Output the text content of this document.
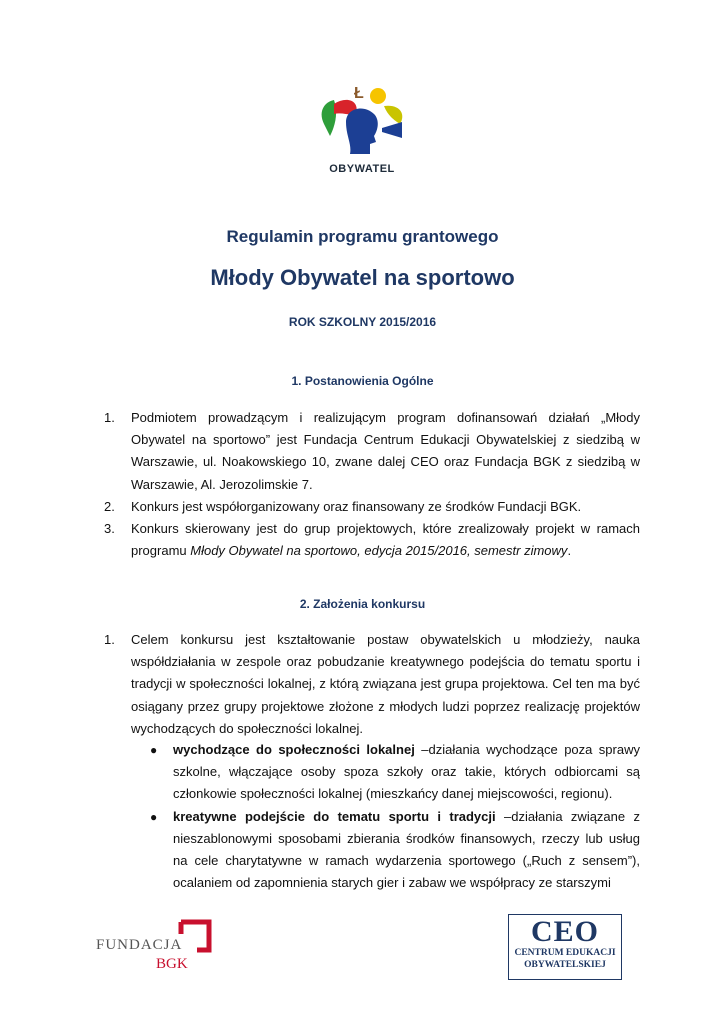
Ł
OBYWATEL
Regulamin programu grantowego
Młody Obywatel na sportowo
ROK SZKOLNY 2015/2016
1. Postanowienia Ogólne
1. Podmiotem prowadzącym i realizującym program dofinansowań działań „Młody Obywatel na sportowo” jest Fundacja Centrum Edukacji Obywatelskiej z siedzibą w Warszawie, ul. Noakowskiego 10, zwane dalej CEO oraz Fundacja BGK z siedzibą w Warszawie, Al. Jerozolimskie 7.
2. Konkurs jest współorganizowany oraz finansowany ze środków Fundacji BGK.
3. Konkurs skierowany jest do grup projektowych, które zrealizowały projekt w ramach programu Młody Obywatel na sportowo, edycja 2015/2016, semestr zimowy.
2. Założenia konkursu
1. Celem konkursu jest kształtowanie postaw obywatelskich u młodzieży, nauka współdziałania w zespole oraz pobudzanie kreatywnego podejścia do tematu sportu i tradycji w społeczności lokalnej, z którą związana jest grupa projektowa. Cel ten ma być osiągany przez grupy projektowe złożone z młodych ludzi poprzez realizację projektów wychodzących do społeczności lokalnej.
● wychodzące do społeczności lokalnej –działania wychodzące poza sprawy szkolne, włączające osoby spoza szkoły oraz takie, których odbiorcami są członkowie społeczności lokalnej (mieszkańcy danej miejscowości, regionu).
● kreatywne podejście do tematu sportu i tradycji –działania związane z nieszablonowymi sposobami zbierania środków finansowych, rzeczy lub usług na cele charytatywne w ramach wydarzenia sportowego („Ruch z sensem”), ocalaniem od zapomnienia starych gier i zabaw we współpracy ze starszymi
FUNDACJA
BGK
CEO
CENTRUM EDUKACJI
OBYWATELSKIEJ
